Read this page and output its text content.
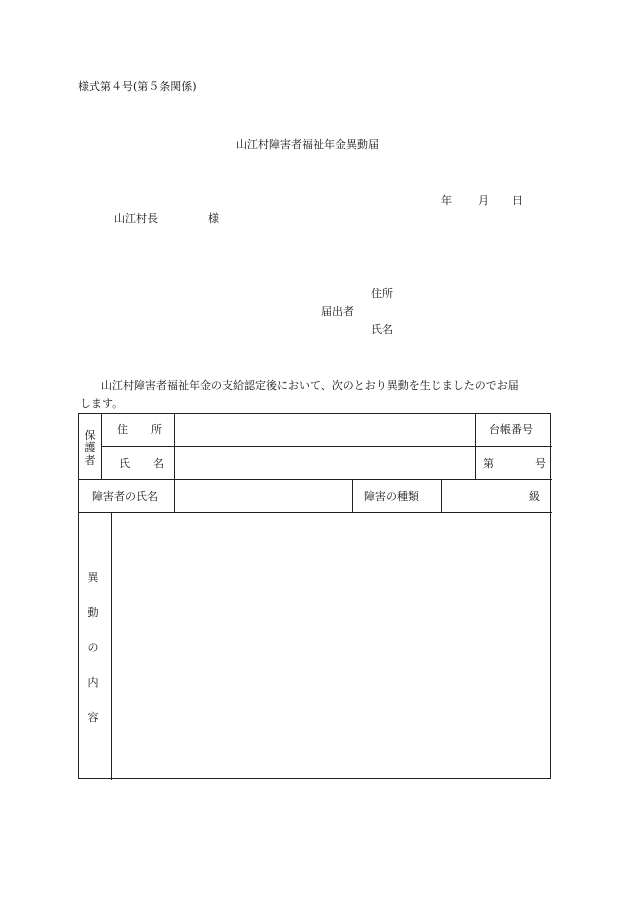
様式第４号(第５条関係)
山江村障害者福祉年金異動届
年 月 日
山江村長	様
住所
届出者
氏名
山江村障害者福祉年金の支給認定後において、次のとおり異動を生じましたのでお届
します。
保
護
者
住 所	台帳番号
氏 名	第	号
障害者の氏名	障害の種類	級
異
動
の
内
容
